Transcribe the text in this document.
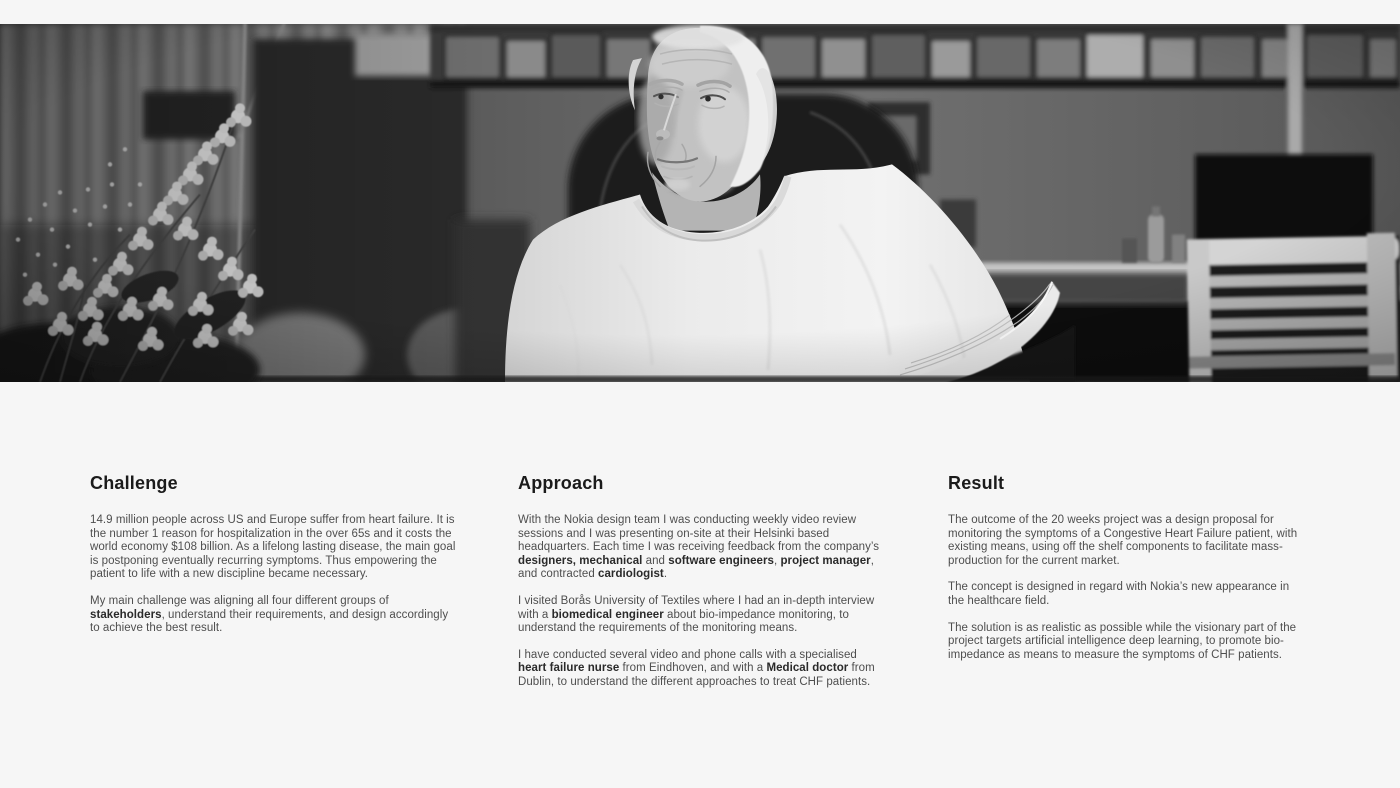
Challenge

14.9 million people across US and Europe suffer from heart failure. It is the number 1 reason for hospitalization in the over 65s and it costs the world economy $108 billion. As a lifelong lasting disease, the main goal is postponing eventually recurring symptoms. Thus empowering the patient to life with a new discipline became necessary.

My main challenge was aligning all four different groups of stakeholders, understand their requirements, and design accordingly to achieve the best result.

Approach

With the Nokia design team I was conducting weekly video review sessions and I was presenting on-site at their Helsinki based headquarters. Each time I was receiving feedback from the company’s designers, mechanical and software engineers, project manager, and contracted cardiologist.

I visited Borås University of Textiles where I had an in-depth interview with a biomedical engineer about bio-impedance monitoring, to understand the requirements of the monitoring means.

I have conducted several video and phone calls with a specialised heart failure nurse from Eindhoven, and with a Medical doctor from Dublin, to understand the different approaches to treat CHF patients.

Result

The outcome of the 20 weeks project was a design proposal for monitoring the symptoms of a Congestive Heart Failure patient, with existing means, using off the shelf components to facilitate mass-production for the current market.

The concept is designed in regard with Nokia’s new appearance in the healthcare field.

The solution is as realistic as possible while the visionary part of the project targets artificial intelligence deep learning, to promote bio-impedance as means to measure the symptoms of CHF patients.
